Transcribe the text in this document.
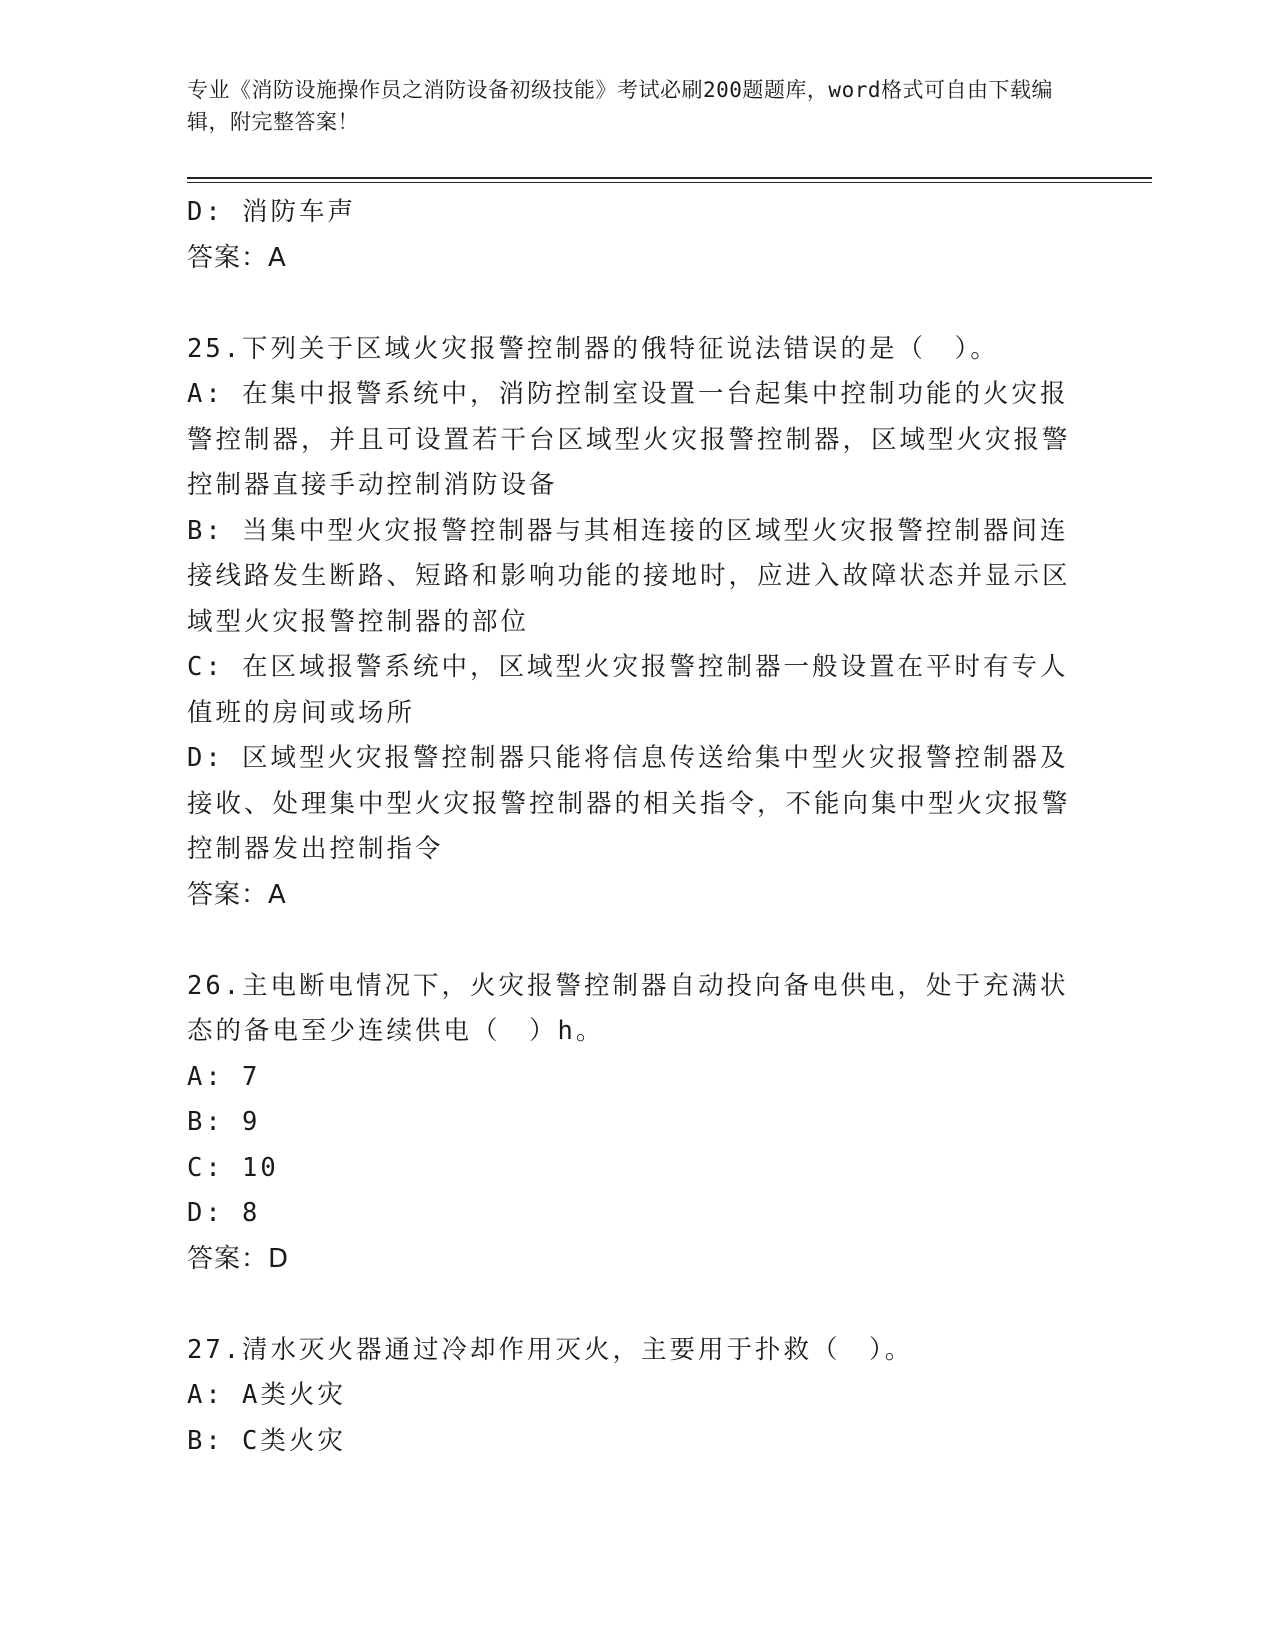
专业《消防设施操作员之消防设备初级技能》考试必刷200题题库，word格式可自由下载编辑，附完整答案！

D: 消防车声

答案：A

25.下列关于区域火灾报警控制器的俄特征说法错误的是（　）。

A: 在集中报警系统中，消防控制室设置一台起集中控制功能的火灾报警控制器，并且可设置若干台区域型火灾报警控制器，区域型火灾报警控制器直接手动控制消防设备

B: 当集中型火灾报警控制器与其相连接的区域型火灾报警控制器间连接线路发生断路、短路和影响功能的接地时，应进入故障状态并显示区域型火灾报警控制器的部位

C: 在区域报警系统中，区域型火灾报警控制器一般设置在平时有专人值班的房间或场所

D: 区域型火灾报警控制器只能将信息传送给集中型火灾报警控制器及接收、处理集中型火灾报警控制器的相关指令，不能向集中型火灾报警控制器发出控制指令

答案：A

26.主电断电情况下，火灾报警控制器自动投向备电供电，处于充满状态的备电至少连续供电（　）h。

A: 7

B: 9

C: 10

D: 8

答案：D

27.清水灭火器通过冷却作用灭火，主要用于扑救（　）。

A: A类火灾

B: C类火灾
